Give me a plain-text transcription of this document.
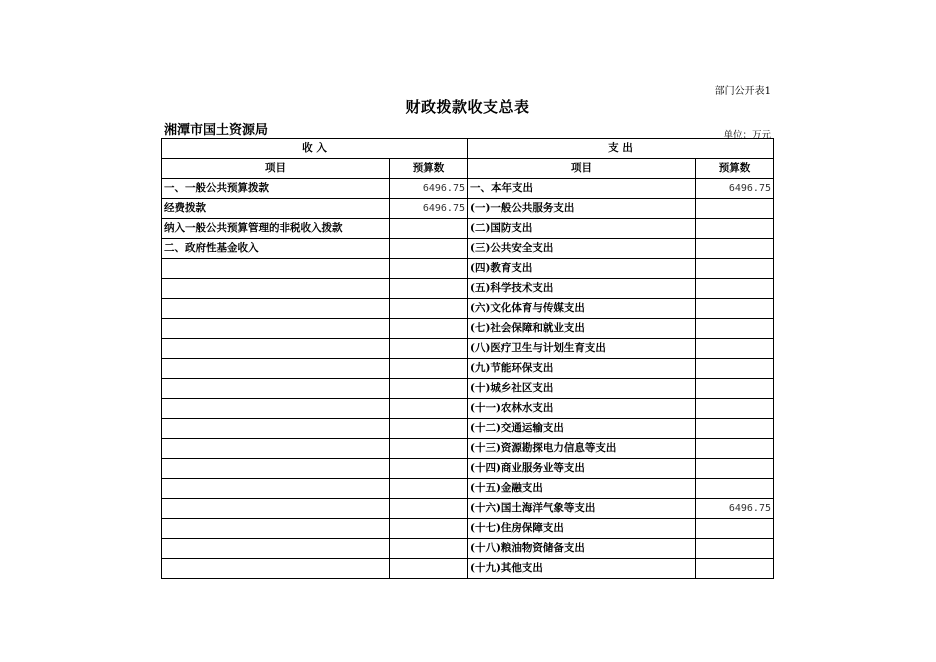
部门公开表1
财政拨款收支总表
湘潭市国土资源局	单位：万元
收 入		支 出	
项目	预算数	项目	预算数
一、一般公共预算拨款	6496.75	一、本年支出	6496.75
经费拨款	6496.75	(一)一般公共服务支出	
纳入一般公共预算管理的非税收入拨款		(二)国防支出	
二、政府性基金收入		(三)公共安全支出	
		(四)教育支出	
		(五)科学技术支出	
		(六)文化体育与传媒支出	
		(七)社会保障和就业支出	
		(八)医疗卫生与计划生育支出	
		(九)节能环保支出	
		(十)城乡社区支出	
		(十一)农林水支出	
		(十二)交通运输支出	
		(十三)资源勘探电力信息等支出	
		(十四)商业服务业等支出	
		(十五)金融支出	
		(十六)国土海洋气象等支出	6496.75
		(十七)住房保障支出	
		(十八)粮油物资储备支出	
		(十九)其他支出	
